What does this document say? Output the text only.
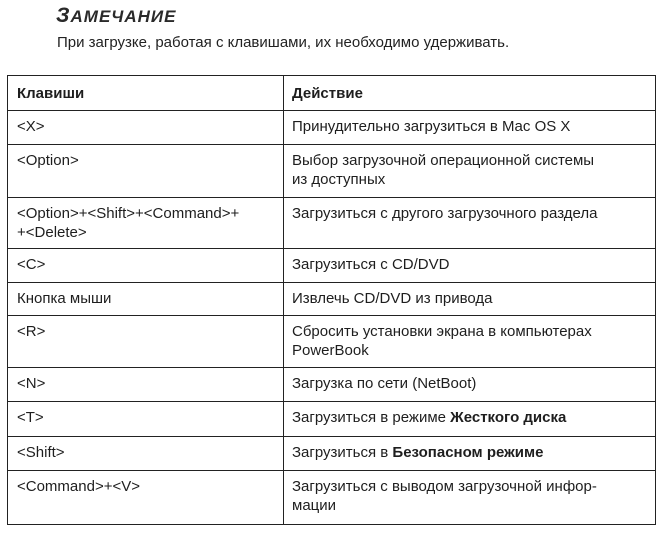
ЗАМЕЧАНИЕ
При загрузке, работая с клавишами, их необходимо удерживать.
Клавиши	Действие
<X>	Принудительно загрузиться в Mac OS X
<Option>	Выбор загрузочной операционной системы
из доступных
<Option>+<Shift>+<Command>+
+<Delete>	Загрузиться с другого загрузочного раздела
<C>	Загрузиться с CD/DVD
Кнопка мыши	Извлечь CD/DVD из привода
<R>	Сбросить установки экрана в компьютерах
PowerBook
<N>	Загрузка по сети (NetBoot)
<T>	Загрузиться в режиме Жесткого диска
<Shift>	Загрузиться в Безопасном режиме
<Command>+<V>	Загрузиться с выводом загрузочной инфор-
мации
